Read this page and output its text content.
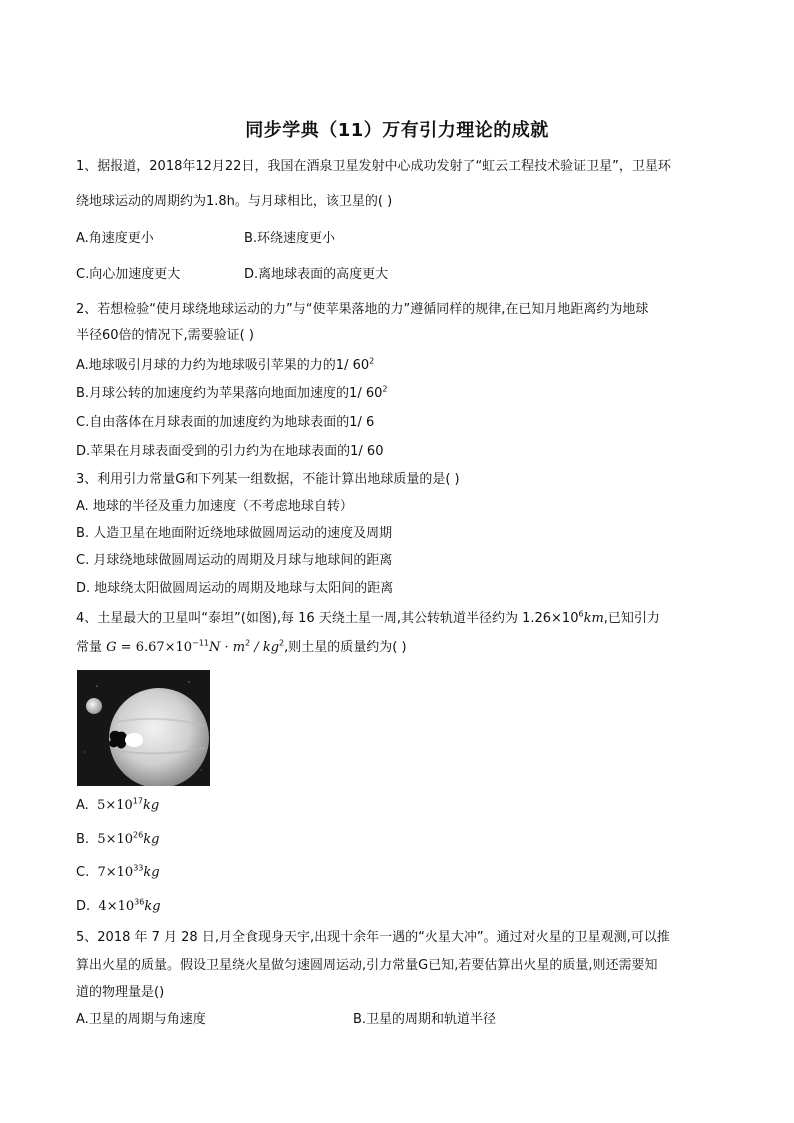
同步学典（11）万有引力理论的成就
1、据报道，2018年12月22日，我国在酒泉卫星发射中心成功发射了“虹云工程技术验证卫星”，卫星环
绕地球运动的周期约为1.8h。与月球相比，该卫星的( )
A.角速度更小	B.环绕速度更小
C.向心加速度更大	D.离地球表面的高度更大
2、若想检验“使月球绕地球运动的力”与“使苹果落地的力”遵循同样的规律,在已知月地距离约为地球
半径60倍的情况下,需要验证( )
A.地球吸引月球的力约为地球吸引苹果的力的1/ $60^2$
B.月球公转的加速度约为苹果落向地面加速度的1/ $60^2$
C.自由落体在月球表面的加速度约为地球表面的1/ 6
D.苹果在月球表面受到的引力约为在地球表面的1/ 60
3、利用引力常量G和下列某一组数据，不能计算出地球质量的是( )
A. 地球的半径及重力加速度（不考虑地球自转）
B. 人造卫星在地面附近绕地球做圆周运动的速度及周期
C. 月球绕地球做圆周运动的周期及月球与地球间的距离
D. 地球绕太阳做圆周运动的周期及地球与太阳间的距离
4、土星最大的卫星叫“泰坦”(如图),每 16 天绕土星一周,其公转轨道半径约为 $1.26\times 10^6km$,已知引力
常量 $G = 6.67\times 10^{-11}N \cdot m^2 / kg^2$,则土星的质量约为( )
A. $5\times 10^{17}kg$
B. $5\times 10^{26}kg$
C. $7\times 10^{33}kg$
D. $4\times 10^{36}kg$
5、2018 年 7 月 28 日,月全食现身天宇,出现十余年一遇的“火星大冲”。通过对火星的卫星观测,可以推
算出火星的质量。假设卫星绕火星做匀速圆周运动,引力常量G已知,若要估算出火星的质量,则还需要知
道的物理量是()
A.卫星的周期与角速度	B.卫星的周期和轨道半径
